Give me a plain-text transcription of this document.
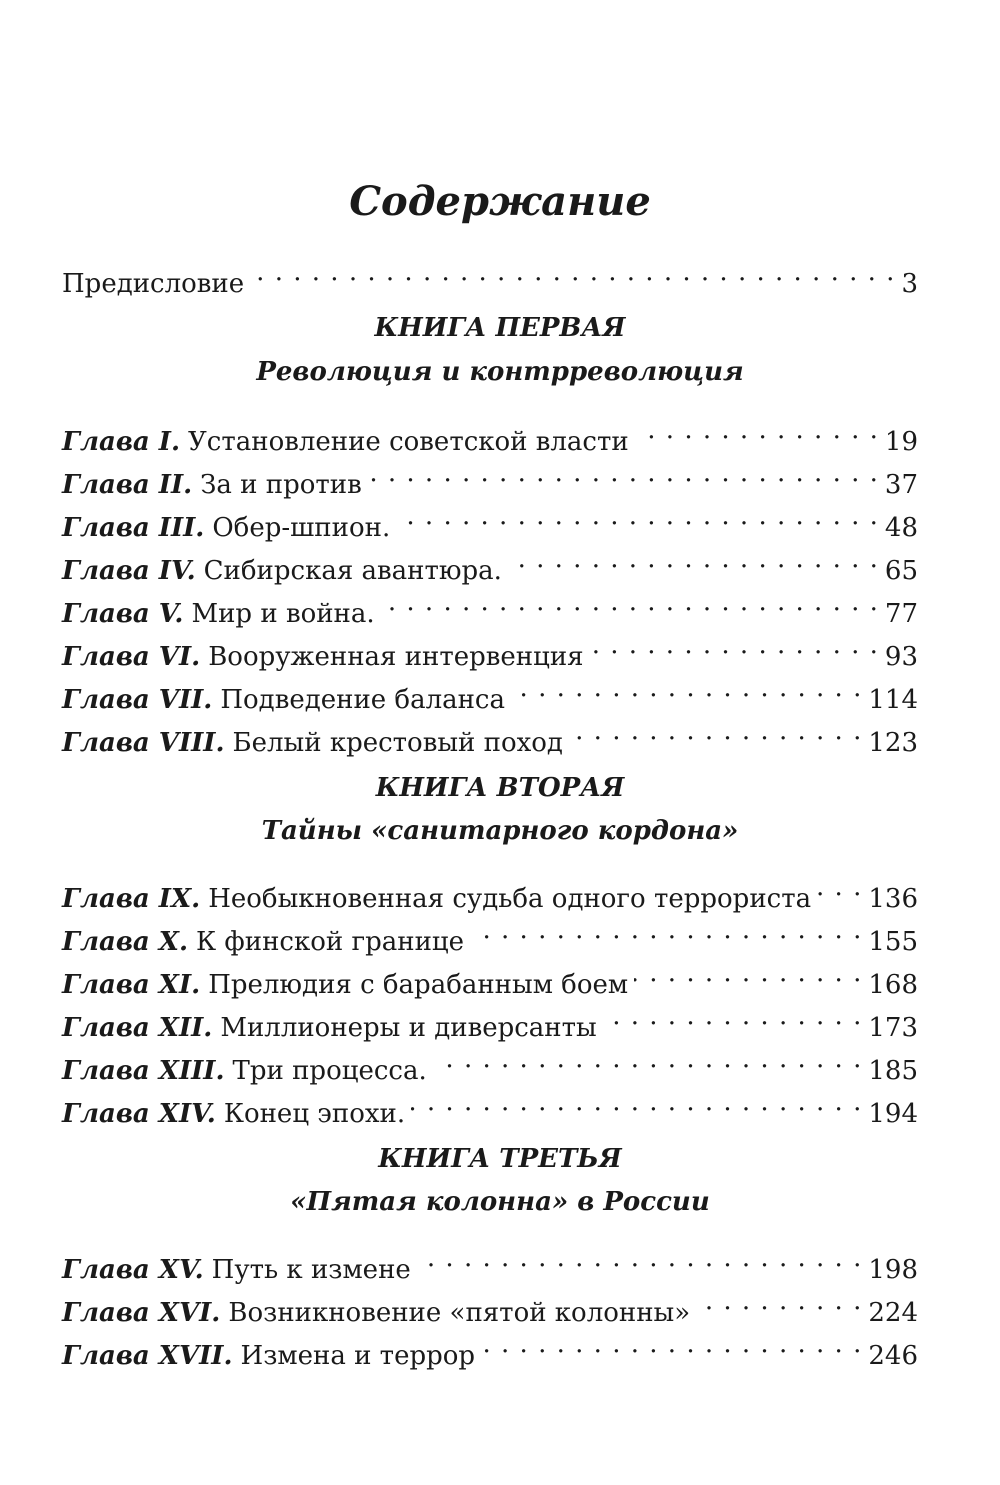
Содержание
Предисловие . . .	3
КНИГА ПЕРВАЯ
Революция и контрреволюция
Глава I. Установление советской власти . . .	19
Глава II. За и против . . .	37
Глава III. Обер-шпион. . . .	48
Глава IV. Сибирская авантюра. . . .	65
Глава V. Мир и война. . . .	77
Глава VI. Вооруженная интервенция . . .	93
Глава VII. Подведение баланса . . .	114
Глава VIII. Белый крестовый поход . . .	123
КНИГА ВТОРАЯ
Тайны «санитарного кордона»
Глава IX. Необыкновенная судьба одного террориста . . . 136
Глава X. К финской границе . . .	155
Глава XI. Прелюдия с барабанным боем . . .	168
Глава XII. Миллионеры и диверсанты . . .	173
Глава XIII. Три процесса. . . .	185
Глава XIV. Конец эпохи. . . .	194
КНИГА ТРЕТЬЯ
«Пятая колонна» в России
Глава XV. Путь к измене . . .	198
Глава XVI. Возникновение «пятой колонны» . . .	224
Глава XVII. Измена и террор . . .	246
